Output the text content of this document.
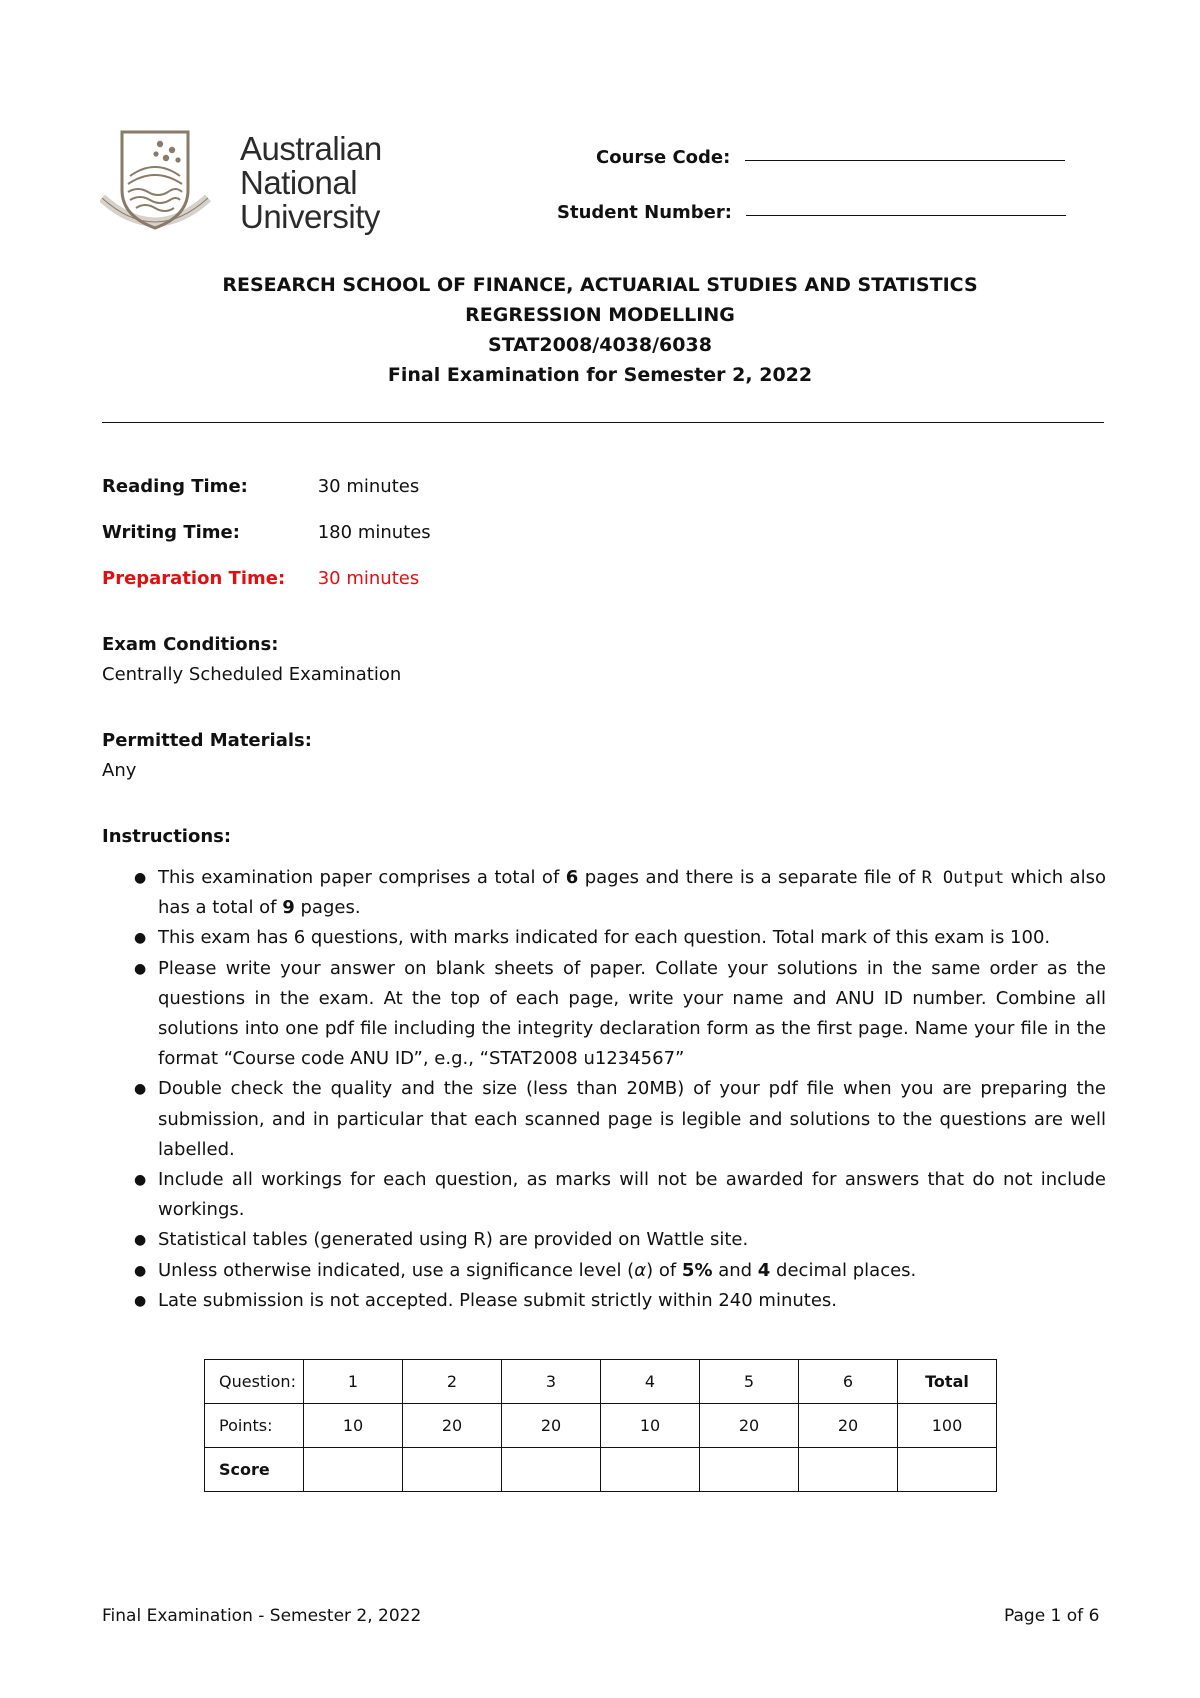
Australian
National
University
Course Code:
Student Number:
RESEARCH SCHOOL OF FINANCE, ACTUARIAL STUDIES AND STATISTICS
REGRESSION MODELLING
STAT2008/4038/6038
Final Examination for Semester 2, 2022
Reading Time:	30 minutes
Writing Time:	180 minutes
Preparation Time: 30 minutes
Exam Conditions:
Centrally Scheduled Examination
Permitted Materials:
Any
Instructions:
● This examination paper comprises a total of 6 pages and there is a separate file of R Output which also has a total of 9 pages.
● This exam has 6 questions, with marks indicated for each question. Total mark of this exam is 100.
● Please write your answer on blank sheets of paper. Collate your solutions in the same order as the questions in the exam. At the top of each page, write your name and ANU ID number. Combine all solutions into one pdf file including the integrity declaration form as the first page. Name your file in the format “Course code ANU ID”, e.g., “STAT2008 u1234567”
● Double check the quality and the size (less than 20MB) of your pdf file when you are preparing the submission, and in particular that each scanned page is legible and solutions to the questions are well labelled.
● Include all workings for each question, as marks will not be awarded for answers that do not include workings.
● Statistical tables (generated using R) are provided on Wattle site.
● Unless otherwise indicated, use a significance level (α) of 5% and 4 decimal places.
● Late submission is not accepted. Please submit strictly within 240 minutes.
Question:	1	2	3	4	5	6	Total
Points:	10	20	20	10	20	20	100
Score							
Final Examination - Semester 2, 2022	Page 1 of 6
